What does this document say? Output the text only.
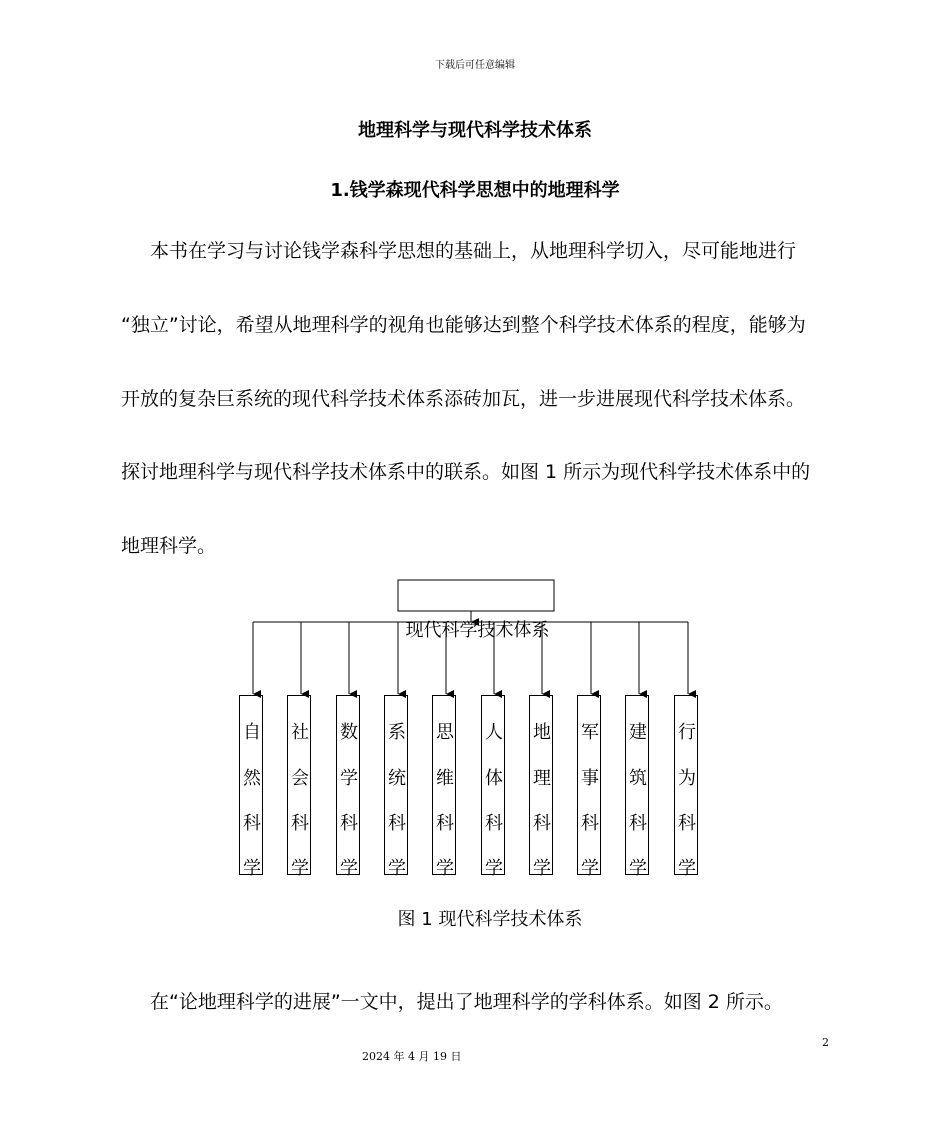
下载后可任意编辑
地理科学与现代科学技术体系
1.钱学森现代科学思想中的地理科学
本书在学习与讨论钱学森科学思想的基础上，从地理科学切入，尽可能地进行
“独立”讨论，希望从地理科学的视角也能够达到整个科学技术体系的程度，能够为
开放的复杂巨系统的现代科学技术体系添砖加瓦，进一步进展现代科学技术体系。
探讨地理科学与现代科学技术体系中的联系。如图 1 所示为现代科学技术体系中的
地理科学。
现代科学技术体系
自
然
科
学
社
会
科
学
数
学
科
学
系
统
科
学
思
维
科
学
人
体
科
学
地
理
科
学
军
事
科
学
建
筑
科
学
行
为
科
学
图 1 现代科学技术体系
在“论地理科学的进展”一文中，提出了地理科学的学科体系。如图 2 所示。
2
2024 年 4 月 19 日
